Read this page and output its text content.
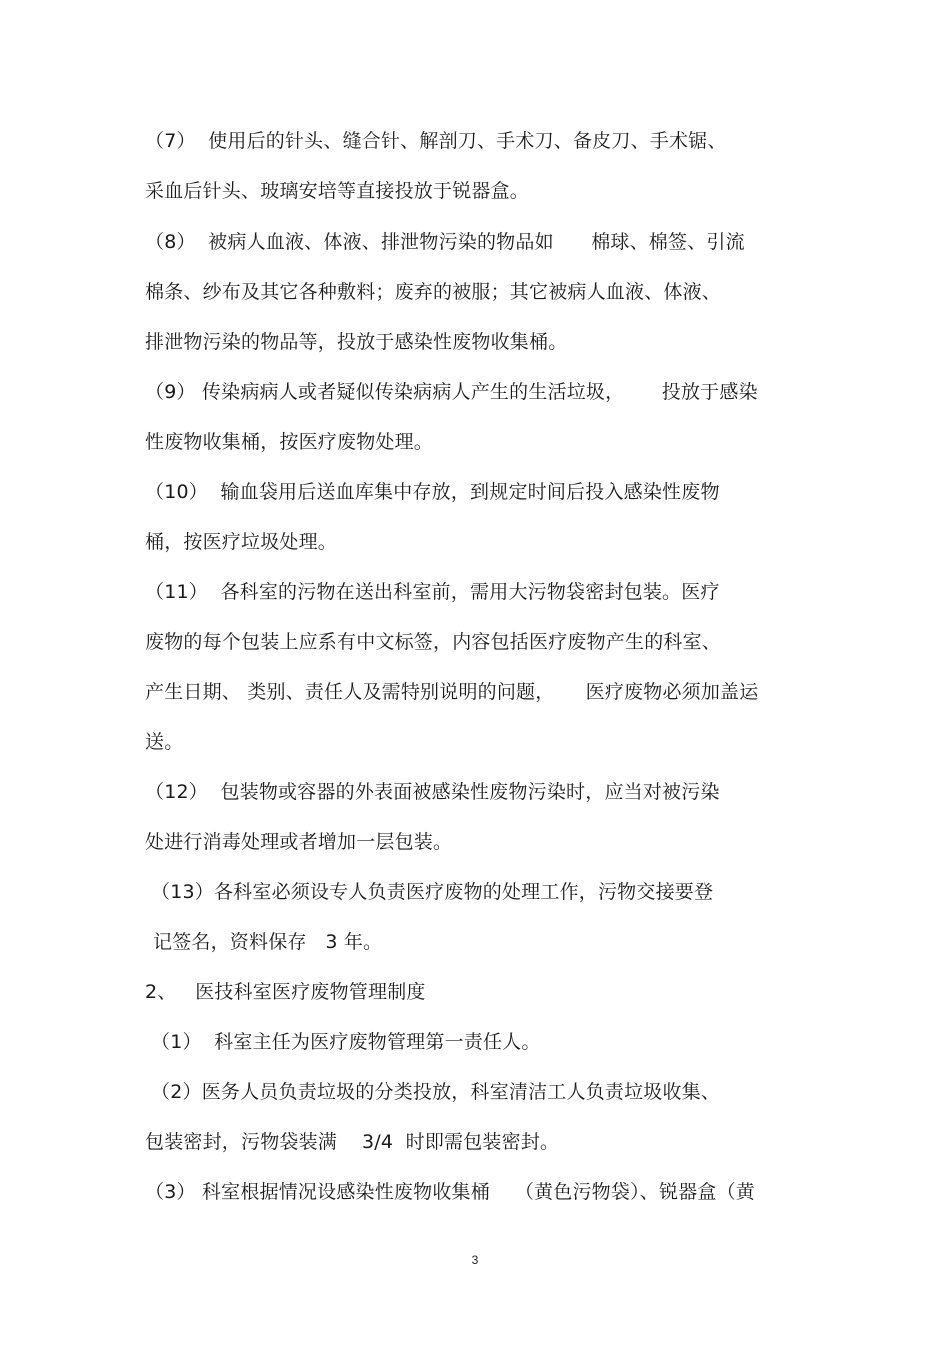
（7）  使用后的针头、缝合针、解剖刀、手术刀、备皮刀、手术锯、
采血后针头、玻璃安培等直接投放于锐器盒。
（8）  被病人血液、体液、排泄物污染的物品如      棉球、棉签、引流
棉条、纱布及其它各种敷料；废弃的被服；其它被病人血液、体液、
排泄物污染的物品等，投放于感染性废物收集桶。
（9） 传染病病人或者疑似传染病病人产生的生活垃圾，      投放于感染
性废物收集桶，按医疗废物处理。
（10）  输血袋用后送血库集中存放，到规定时间后投入感染性废物
桶，按医疗垃圾处理。
（11）  各科室的污物在送出科室前，需用大污物袋密封包装。医疗
废物的每个包装上应系有中文标签，内容包括医疗废物产生的科室、
产生日期、 类别、责任人及需特别说明的问题，     医疗废物必须加盖运
送。
（12）  包装物或容器的外表面被感染性废物污染时，应当对被污染
处进行消毒处理或者增加一层包装。
（13）各科室必须设专人负责医疗废物的处理工作，污物交接要登
记签名，资料保存   3 年。
2、   医技科室医疗废物管理制度
（1）  科室主任为医疗废物管理第一责任人。
（2）医务人员负责垃圾的分类投放，科室清洁工人负责垃圾收集、
包装密封，污物袋装满    3/4  时即需包装密封。
（3） 科室根据情况设感染性废物收集桶    （黄色污物袋）、锐器盒（黄
3
